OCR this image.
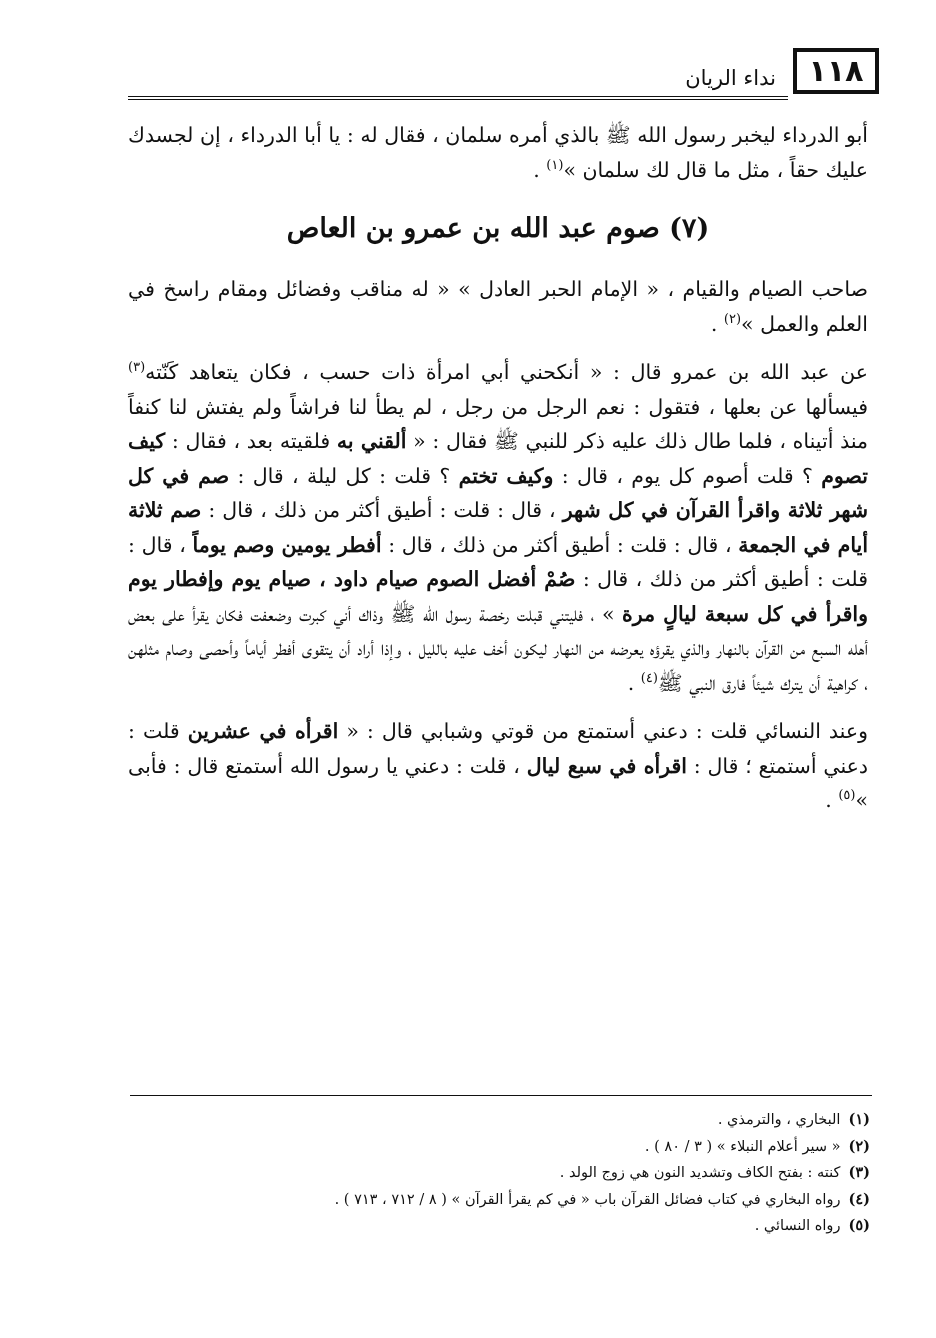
١١٨
نداء الريان

أبو الدرداء ليخبر رسول الله ﷺ بالذي أمره سلمان ، فقال له : يا أبا الدرداء ، إن لجسدك عليك حقاً ، مثل ما قال لك سلمان »$^{(١)}$ .

(٧) صوم عبد الله بن عمرو بن العاص

صاحب الصيام والقيام ، « الإمام الحبر العادل » « له مناقب وفضائل ومقام راسخ في العلم والعمل »$^{(٢)}$ .

عن عبد الله بن عمرو قال : « أنكحني أبي امرأة ذات حسب ، فكان يتعاهد كَنّته$^{(٣)}$ فيسألها عن بعلها ، فتقول : نعم الرجل من رجل ، لم يطأ لنا فراشاً ولم يفتش لنا كنفاً منذ أتيناه ، فلما طال ذلك عليه ذكر للنبي ﷺ فقال : « ألقني به فلقيته بعد ، فقال : كيف تصوم ؟ قلت أصوم كل يوم ، قال : وكيف تختم ؟ قلت : كل ليلة ، قال : صم في كل شهر ثلاثة واقرأ القرآن في كل شهر ، قال : قلت : أطيق أكثر من ذلك ، قال : صم ثلاثة أيام في الجمعة ، قال : قلت : أطيق أكثر من ذلك ، قال : أفطر يومين وصم يوماً ، قال : قلت : أطيق أكثر من ذلك ، قال : صُمْ أفضل الصوم صيام داود ، صيام يوم وإفطار يوم واقرأ في كل سبعة ليالٍ مرة » ، فليتني قبلت رخصة رسول الله ﷺ وذاك أني كبرت وضعفت فكان يقرأ على بعض أهله السبع من القرآن بالنهار والذي يقرؤه يعرضه من النهار ليكون أخف عليه بالليل ، وإذا أراد أن يتقوى أفطر أياماً وأحصى وصام مثلهن ، كراهية أن يترك شيئاً فارق النبي ﷺ$^{(٤)}$ .

وعند النسائي قلت : دعني أستمتع من قوتي وشبابي قال : « اقرأه في عشرين قلت : دعني أستمتع ؛ قال : اقرأه في سبع ليال ، قلت : دعني يا رسول الله أستمتع قال : فأبى »$^{(٥)}$ .

(١)البخاري ، والترمذي .
(٢)« سير أعلام النبلاء » ( ٣ / ٨٠ ) .
(٣)كنته : بفتح الكاف وتشديد النون هي زوج الولد .
(٤)رواه البخاري في كتاب فضائل القرآن باب « في كم يقرأ القرآن » ( ٨ / ٧١٢ ، ٧١٣ ) .
(٥)رواه النسائي .
